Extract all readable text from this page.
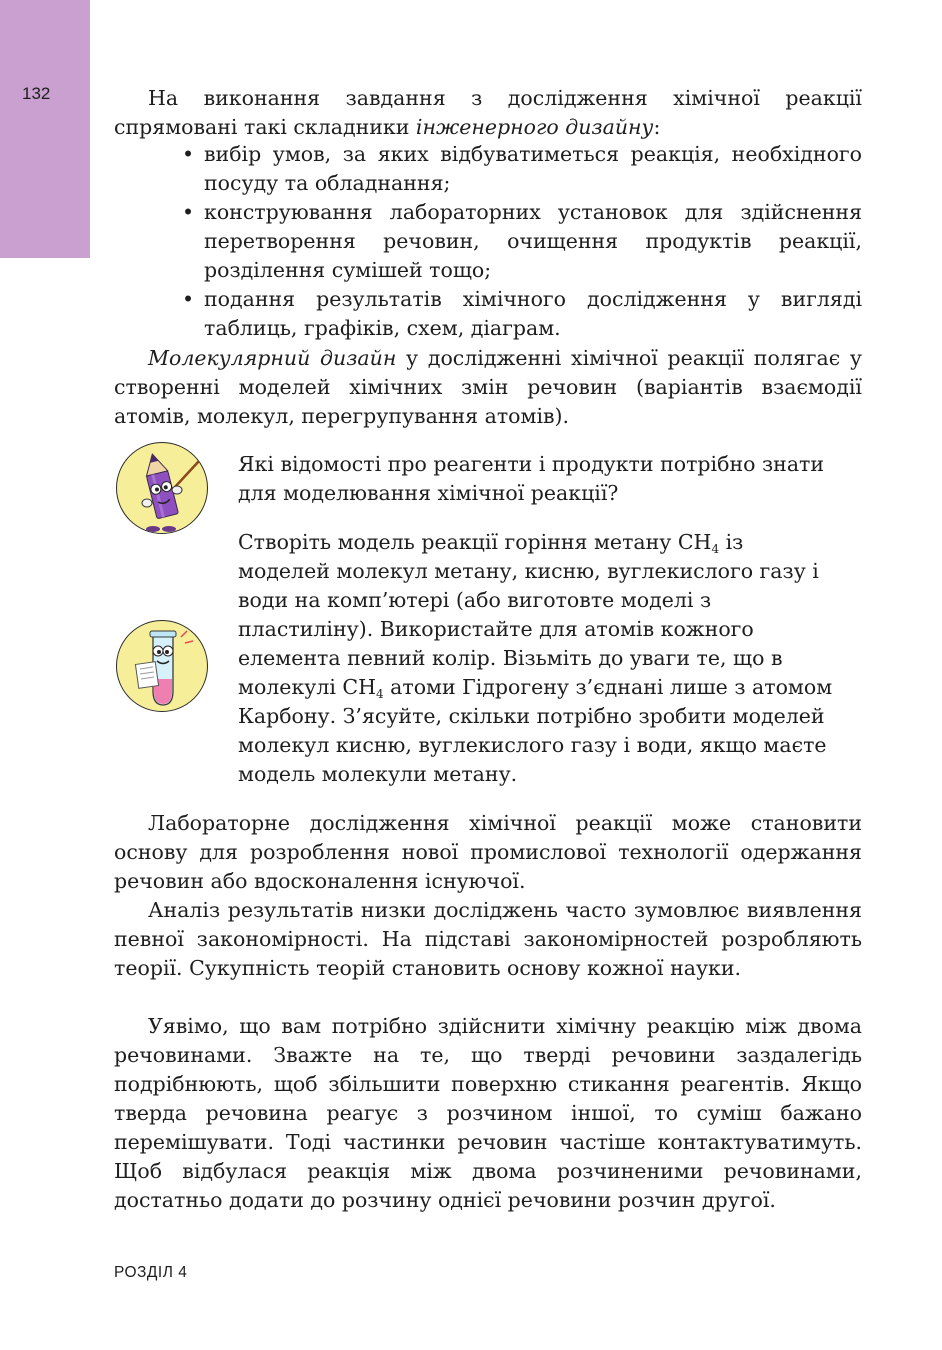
132	На виконання завдання з дослідження хімічної реакції спрямовані такі складники інженерного дизайну:

• вибір умов, за яких відбуватиметься реакція, необхідного посуду та обладнання;
• конструювання лабораторних установок для здійснення перетворення речовин, очищення продуктів реакції, розділення сумішей тощо;
• подання результатів хімічного дослідження у вигляді таблиць, графіків, схем, діаграм.

Молекулярний дизайн у дослідженні хімічної реакції полягає у створенні моделей хімічних змін речовин (варіантів взаємодії атомів, молекул, перегрупування атомів).

Які відомості про реагенти і продукти потрібно знати для моделювання хімічної реакції?

Створіть модель реакції горіння метану $CH_4$ із моделей молекул метану, кисню, вуглекислого газу і води на комп’ютері (або виготовте моделі з пластиліну). Використайте для атомів кожного елемента певний колір. Візьміть до уваги те, що в молекулі $CH_4$ атоми Гідрогену з’єднані лише з атомом Карбону. З’ясуйте, скільки потрібно зробити моделей молекул кисню, вуглекислого газу і води, якщо маєте модель молекули метану.

Лабораторне дослідження хімічної реакції може становити основу для розроблення нової промислової технології одержання речовин або вдосконалення існуючої.

Аналіз результатів низки досліджень часто зумовлює виявлення певної закономірності. На підставі закономірностей розробляють теорії. Сукупність теорій становить основу кожної науки.

Уявімо, що вам потрібно здійснити хімічну реакцію між двома речовинами. Зважте на те, що тверді речовини заздалегідь подрібнюють, щоб збільшити поверхню стикання реагентів. Якщо тверда речовина реагує з розчином іншої, то суміш бажано перемішувати. Тоді частинки речовин частіше контактуватимуть. Щоб відбулася реакція між двома розчиненими речовинами, достатньо додати до розчину однієї речовини розчин другої.

РОЗДІЛ 4
